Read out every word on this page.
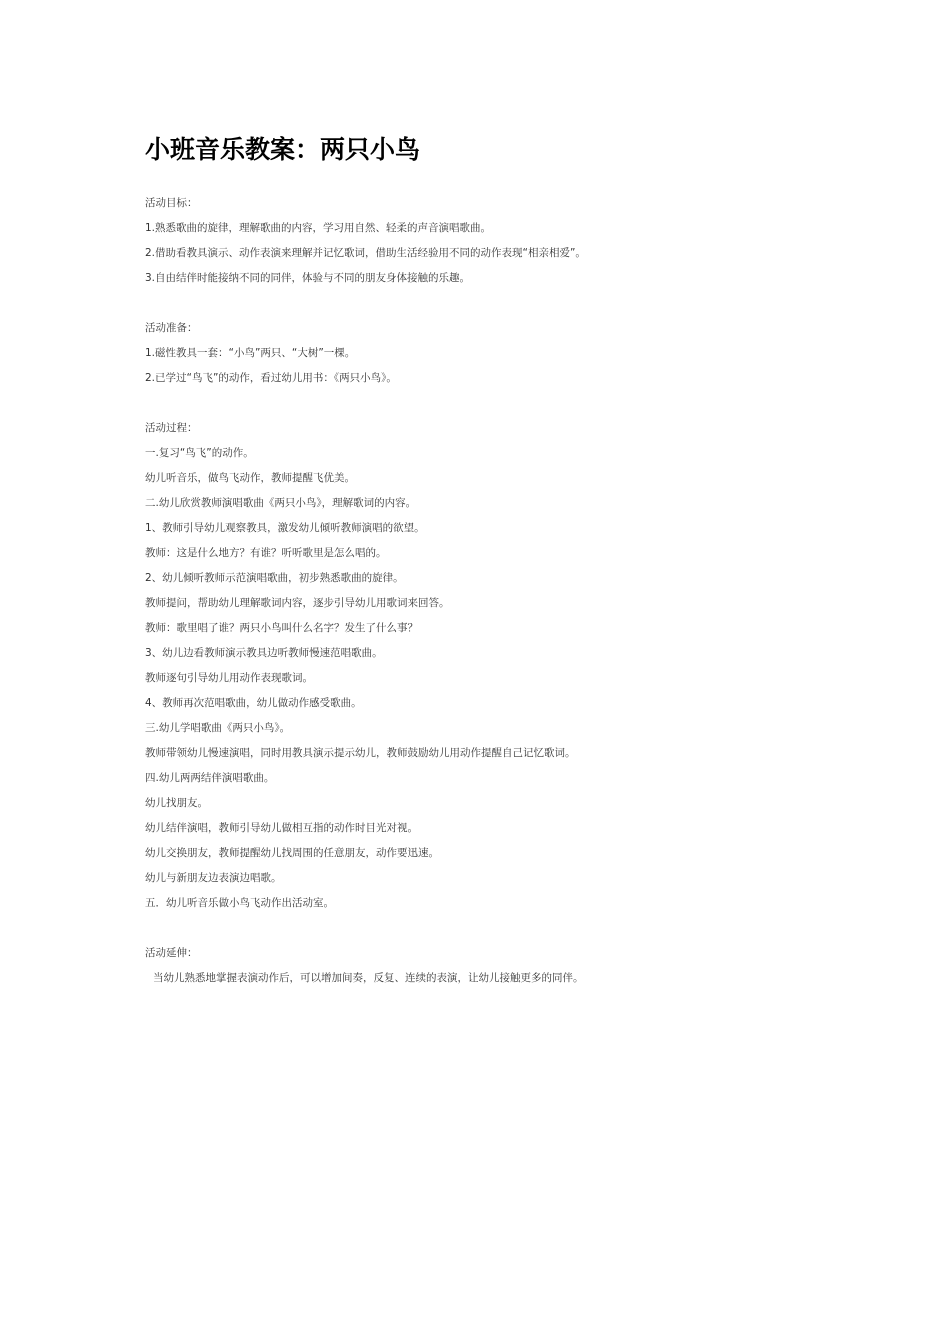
小班音乐教案：两只小鸟

活动目标：

1.熟悉歌曲的旋律，理解歌曲的内容，学习用自然、轻柔的声音演唱歌曲。

2.借助看教具演示、动作表演来理解并记忆歌词，借助生活经验用不同的动作表现“相亲相爱”。

3.自由结伴时能接纳不同的同伴，体验与不同的朋友身体接触的乐趣。

活动准备：

1.磁性教具一套：“小鸟”两只、“大树”一棵。

2.已学过“鸟飞”的动作，看过幼儿用书：《两只小鸟》。

活动过程：

一.复习“鸟飞”的动作。

幼儿听音乐，做鸟飞动作，教师提醒飞优美。

二.幼儿欣赏教师演唱歌曲《两只小鸟》，理解歌词的内容。

1、教师引导幼儿观察教具，激发幼儿倾听教师演唱的欲望。

教师：这是什么地方？有谁？听听歌里是怎么唱的。

2、幼儿倾听教师示范演唱歌曲，初步熟悉歌曲的旋律。

教师提问，帮助幼儿理解歌词内容，逐步引导幼儿用歌词来回答。

教师：歌里唱了谁？两只小鸟叫什么名字？发生了什么事？

3、幼儿边看教师演示教具边听教师慢速范唱歌曲。

教师逐句引导幼儿用动作表现歌词。

4、教师再次范唱歌曲，幼儿做动作感受歌曲。

三.幼儿学唱歌曲《两只小鸟》。

教师带领幼儿慢速演唱，同时用教具演示提示幼儿，教师鼓励幼儿用动作提醒自己记忆歌词。

四.幼儿两两结伴演唱歌曲。

幼儿找朋友。

幼儿结伴演唱，教师引导幼儿做相互指的动作时目光对视。

幼儿交换朋友，教师提醒幼儿找周围的任意朋友，动作要迅速。

幼儿与新朋友边表演边唱歌。

五．幼儿听音乐做小鸟飞动作出活动室。

活动延伸：

当幼儿熟悉地掌握表演动作后，可以增加间奏，反复、连续的表演，让幼儿接触更多的同伴。
